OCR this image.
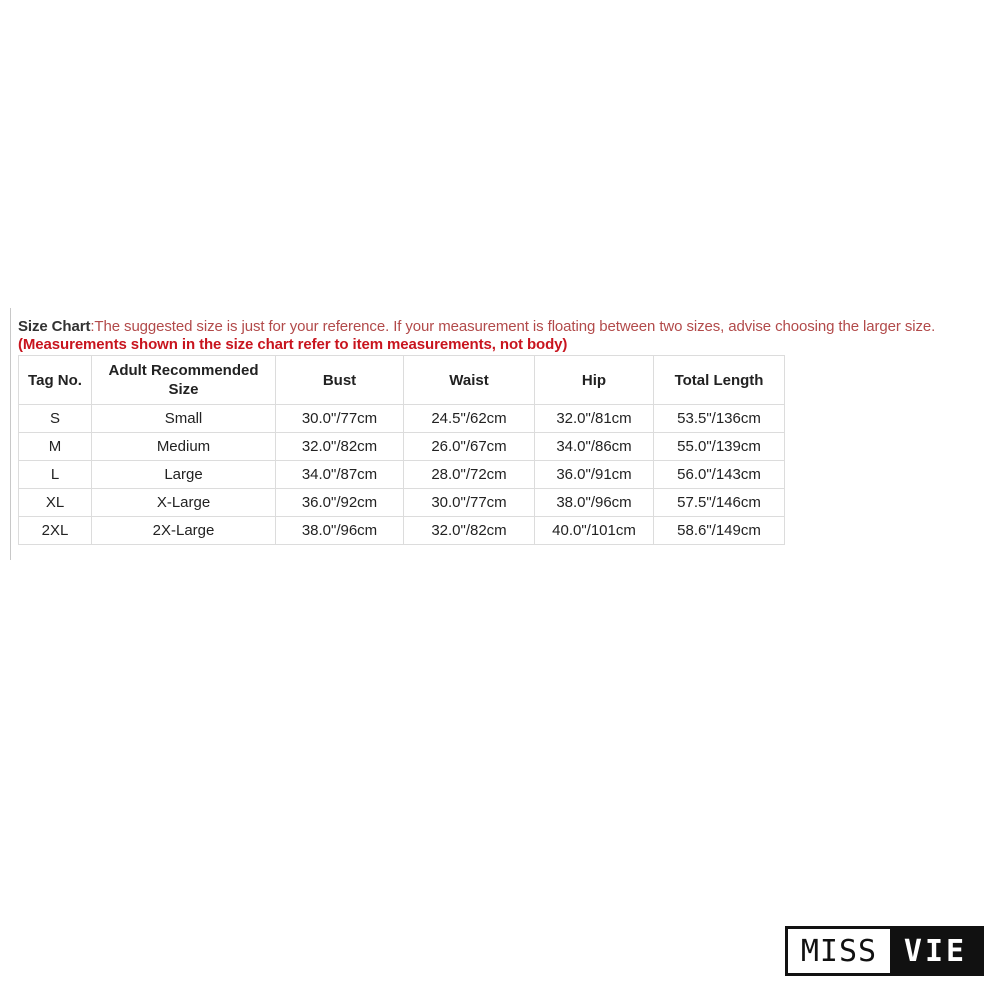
Size Chart:The suggested size is just for your reference. If your measurement is floating between two sizes, advise choosing the larger size. (Measurements shown in the size chart refer to item measurements, not body)
Tag No.	Adult Recommended Size	Bust	Waist	Hip	Total Length
S	Small	30.0"/77cm	24.5"/62cm	32.0"/81cm	53.5"/136cm
M	Medium	32.0"/82cm	26.0"/67cm	34.0"/86cm	55.0"/139cm
L	Large	34.0"/87cm	28.0"/72cm	36.0"/91cm	56.0"/143cm
XL	X-Large	36.0"/92cm	30.0"/77cm	38.0"/96cm	57.5"/146cm
2XL	2X-Large	38.0"/96cm	32.0"/82cm	40.0"/101cm	58.6"/149cm
MISS VIE
